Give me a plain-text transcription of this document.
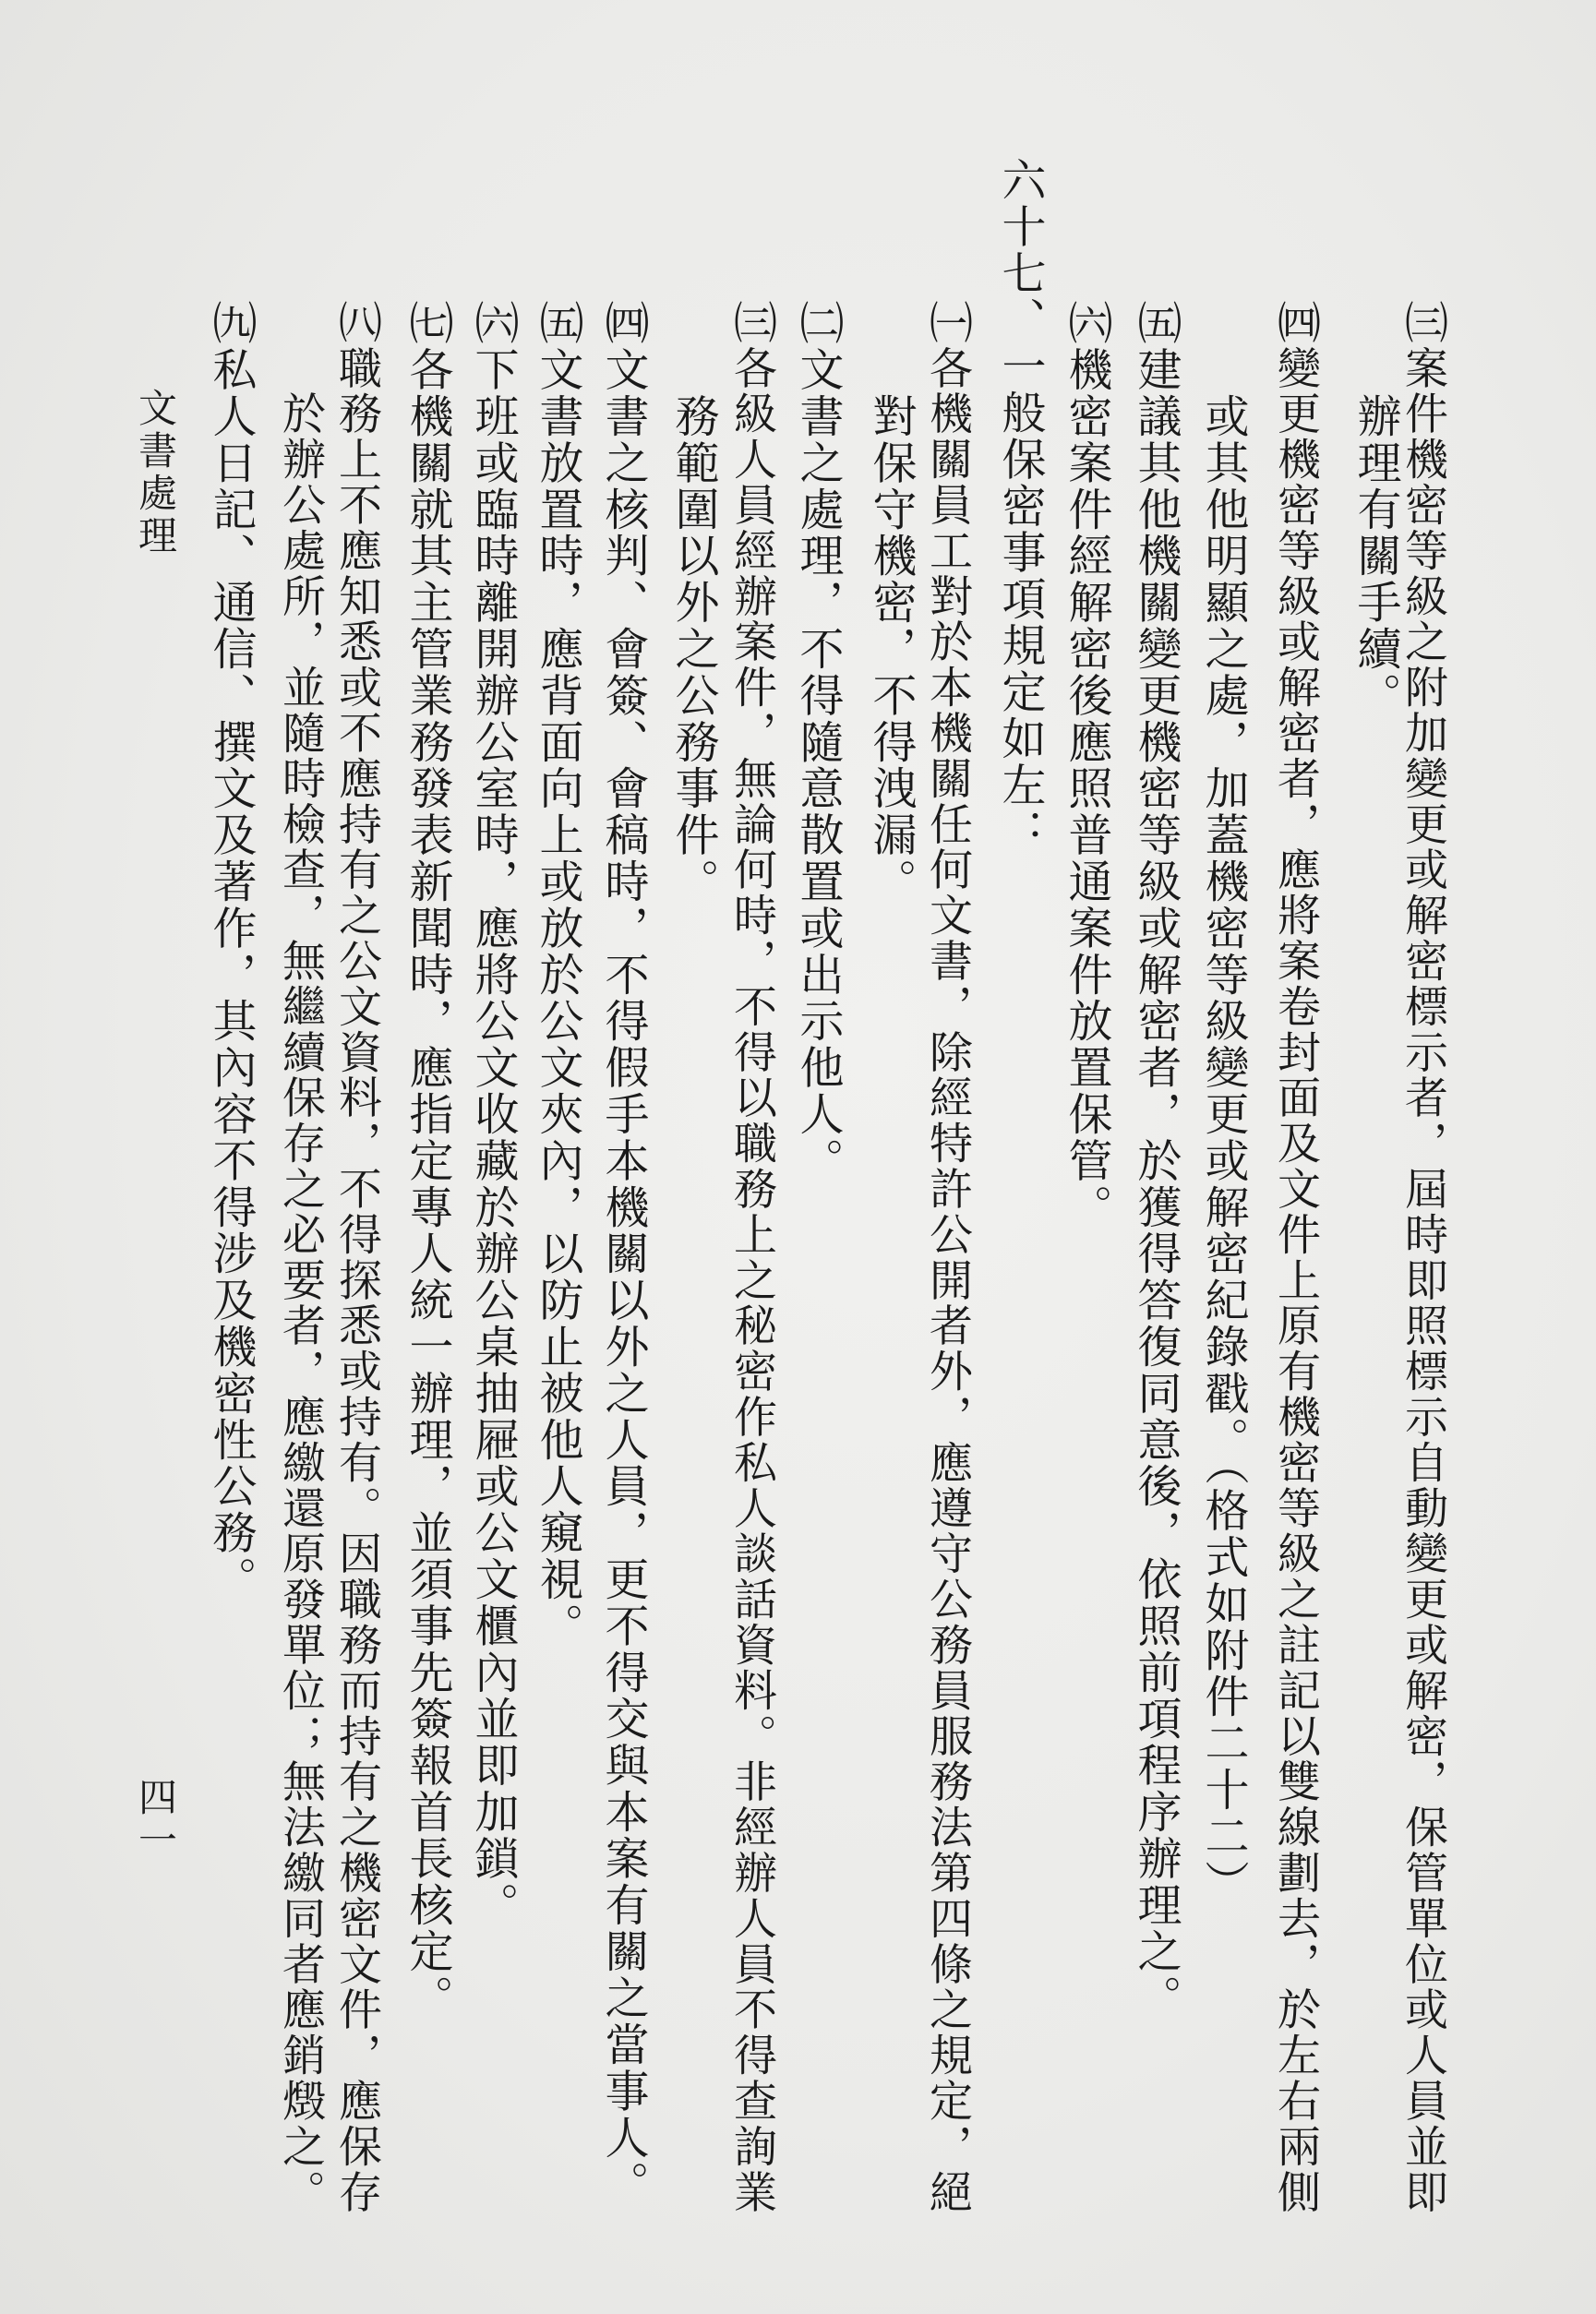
㈢案件機密等級之附加變更或解密標示者，屆時即照標示自動變更或解密，保管單位或人員並即
　　辦理有關手續。
㈣變更機密等級或解密者，應將案卷封面及文件上原有機密等級之註記以雙線劃去，於左右兩側
　　或其他明顯之處，加蓋機密等級變更或解密紀錄戳。（格式如附件二十二）
㈤建議其他機關變更機密等級或解密者，於獲得答復同意後，依照前項程序辦理之。
㈥機密案件經解密後應照普通案件放置保管。
六十七、一般保密事項規定如左：
㈠各機關員工對於本機關任何文書，除經特許公開者外，應遵守公務員服務法第四條之規定，絕
　　對保守機密，不得洩漏。
㈡文書之處理，不得隨意散置或出示他人。
㈢各級人員經辦案件，無論何時，不得以職務上之秘密作私人談話資料。非經辦人員不得查詢業
　　務範圍以外之公務事件。
㈣文書之核判、會簽、會稿時，不得假手本機關以外之人員，更不得交與本案有關之當事人。
㈤文書放置時，應背面向上或放於公文夾內，以防止被他人窺視。
㈥下班或臨時離開辦公室時，應將公文收藏於辦公桌抽屜或公文櫃內並即加鎖。
㈦各機關就其主管業務發表新聞時，應指定專人統一辦理，並須事先簽報首長核定。
㈧職務上不應知悉或不應持有之公文資料，不得探悉或持有。因職務而持有之機密文件，應保存
　　於辦公處所，並隨時檢查，無繼續保存之必要者，應繳還原發單位；無法繳同者應銷燬之。
㈨私人日記、通信、撰文及著作，其內容不得涉及機密性公務。
文書處理
四一
